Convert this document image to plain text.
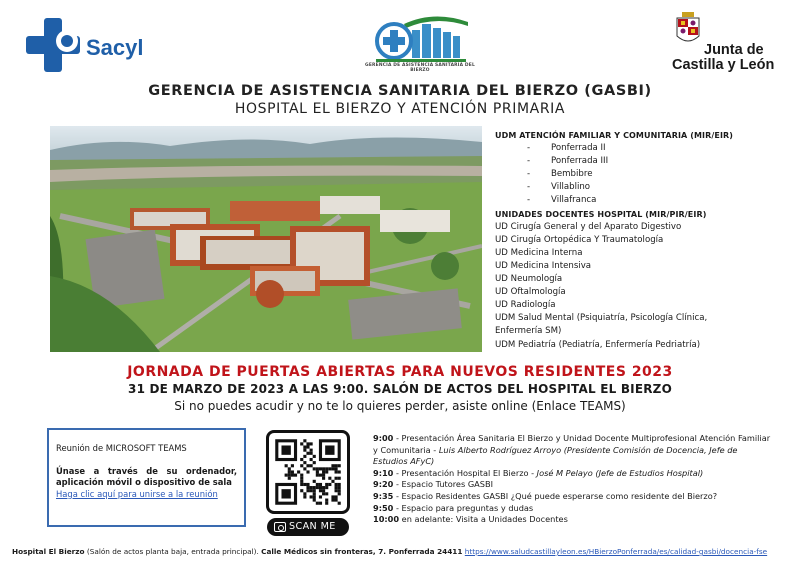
Sacyl
GERENCIA DE ASISTENCIA SANITARIA DEL BIERZO
Junta de
Castilla y León
GERENCIA DE ASISTENCIA SANITARIA DEL BIERZO (GASBI)
HOSPITAL EL BIERZO Y ATENCIÓN PRIMARIA
UDM ATENCIÓN FAMILIAR Y COMUNITARIA (MIR/EIR)
- Ponferrada II
- Ponferrada III
- Bembibre
- Villablino
- Villafranca
UNIDADES DOCENTES HOSPITAL (MIR/PIR/EIR)
UD Cirugía General y del Aparato Digestivo
UD Cirugía Ortopédica Y Traumatología
UD Medicina Interna
UD Medicina Intensiva
UD Neumología
UD Oftalmología
UD Radiología
UDM Salud Mental (Psiquiatría, Psicología Clínica,
Enfermería SM)
UDM Pediatría (Pediatría, Enfermería Pedriatría)
JORNADA DE PUERTAS ABIERTAS PARA NUEVOS RESIDENTES 2023
31 DE MARZO DE 2023 A LAS 9:00. SALÓN DE ACTOS DEL HOSPITAL EL BIERZO
Si no puedes acudir y no te lo quieres perder, asiste online (Enlace TEAMS)
Reunión de MICROSOFT TEAMS
Únase a través de su ordenador, aplicación móvil o dispositivo de sala
Haga clic aquí para unirse a la reunión
SCAN ME
9:00 - Presentación Área Sanitaria El Bierzo y Unidad Docente Multiprofesional Atención Familiar y Comunitaria - Luis Alberto Rodríguez Arroyo (Presidente Comisión de Docencia, Jefe de Estudios AFyC)
9:10 - Presentación Hospital El Bierzo - José M Pelayo (Jefe de Estudios Hospital)
9:20 - Espacio Tutores GASBI
9:35 - Espacio Residentes GASBI ¿Qué puede esperarse como residente del Bierzo?
9:50 - Espacio para preguntas y dudas
10:00 en adelante: Visita a Unidades Docentes
Hospital El Bierzo (Salón de actos planta baja, entrada principal). Calle Médicos sin fronteras, 7. Ponferrada 24411 https://www.saludcastillayleon.es/HBierzoPonferrada/es/calidad-gasbi/docencia-fse
